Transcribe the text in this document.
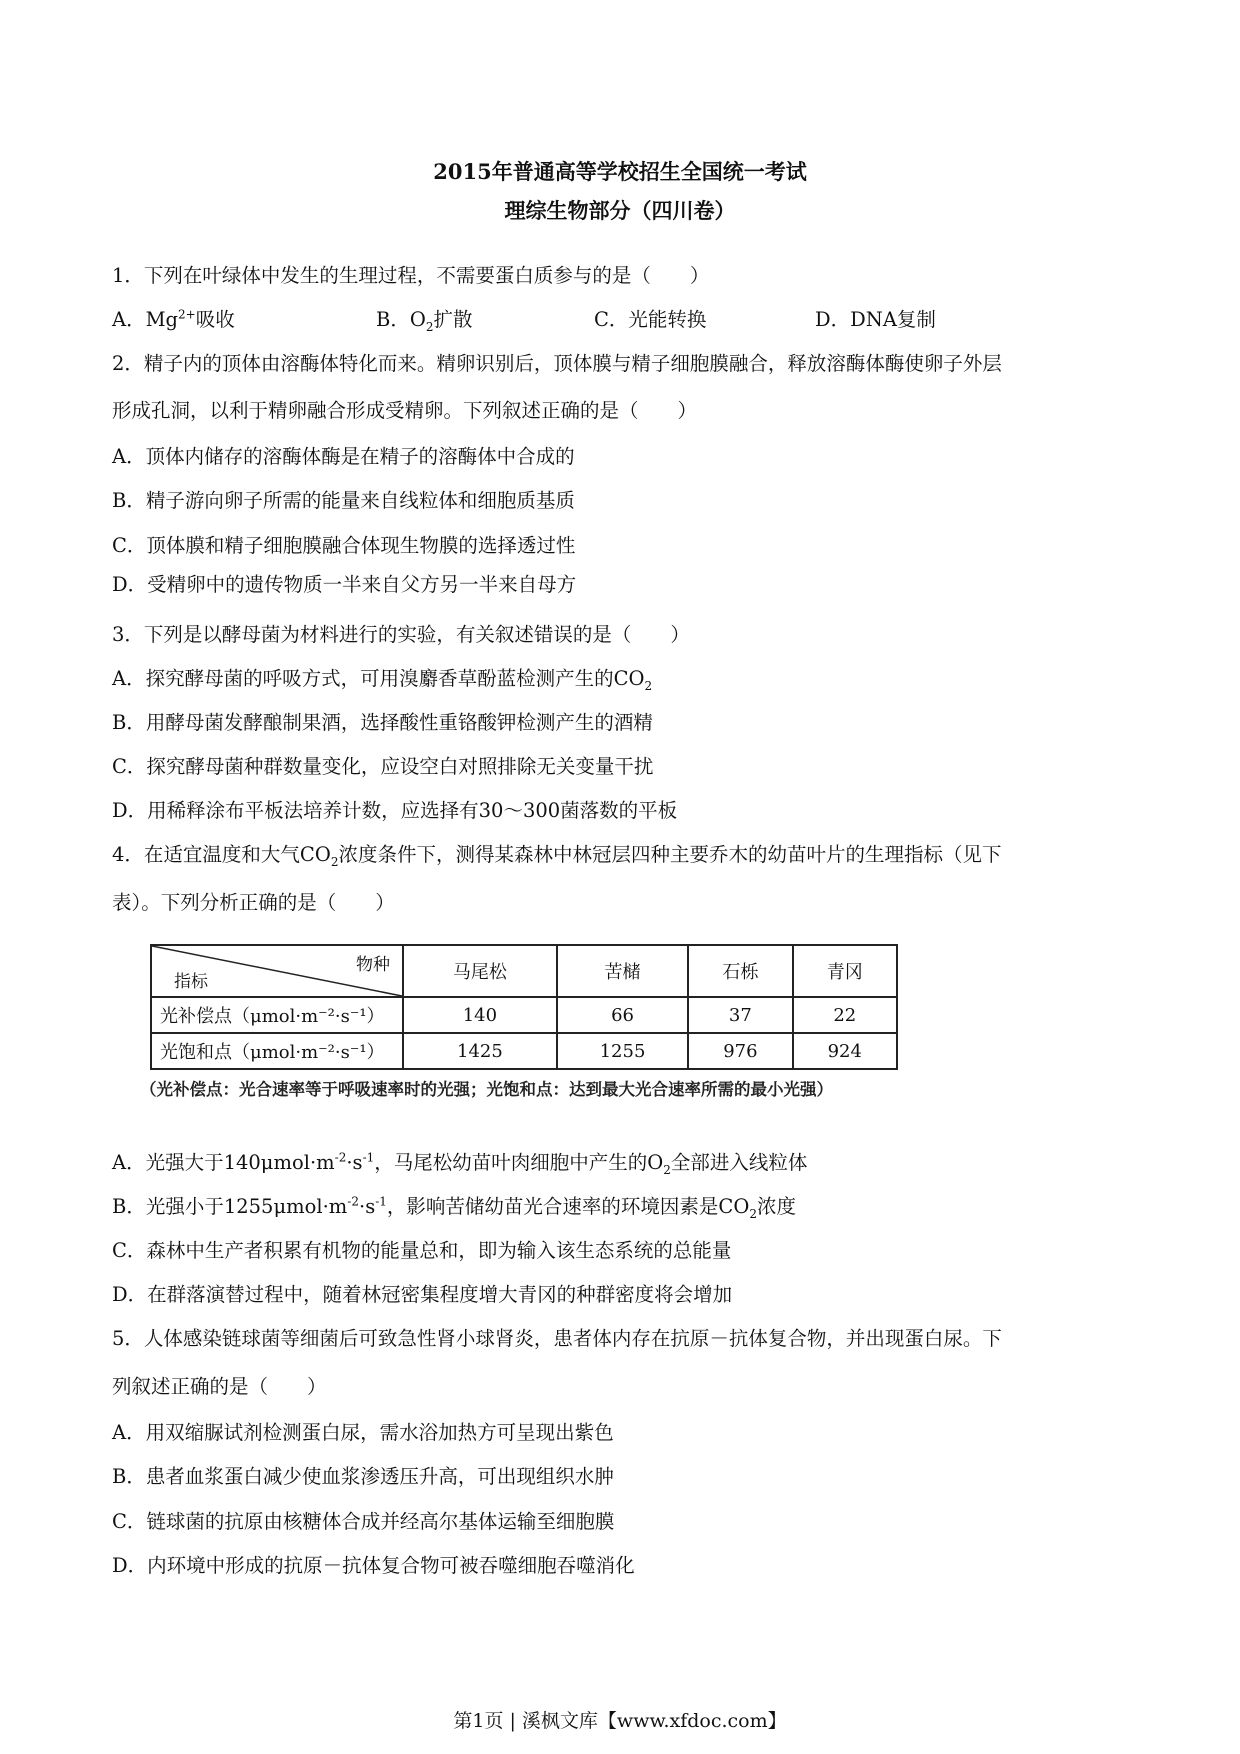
2015年普通高等学校招生全国统一考试
理综生物部分（四川卷）
1．下列在叶绿体中发生的生理过程，不需要蛋白质参与的是（　　）
A．$Mg^{2+}$吸收	B．$O_2$扩散	C．光能转换	D．DNA复制
2．精子内的顶体由溶酶体特化而来。精卵识别后，顶体膜与精子细胞膜融合，释放溶酶体酶使卵子外层
形成孔洞，以利于精卵融合形成受精卵。下列叙述正确的是（　　）
A．顶体内储存的溶酶体酶是在精子的溶酶体中合成的
B．精子游向卵子所需的能量来自线粒体和细胞质基质
C．顶体膜和精子细胞膜融合体现生物膜的选择透过性
D．受精卵中的遗传物质一半来自父方另一半来自母方
3．下列是以酵母菌为材料进行的实验，有关叙述错误的是（　　）
A．探究酵母菌的呼吸方式，可用溴麝香草酚蓝检测产生的$CO_2$
B．用酵母菌发酵酿制果酒，选择酸性重铬酸钾检测产生的酒精
C．探究酵母菌种群数量变化，应设空白对照排除无关变量干扰
D．用稀释涂布平板法培养计数，应选择有30～300菌落数的平板
4．在适宜温度和大气$CO_2$浓度条件下，测得某森林中林冠层四种主要乔木的幼苗叶片的生理指标（见下
表）。下列分析正确的是（　　）
物种
指标	马尾松	苦槠	石栎	青冈
光补偿点（μmol·m⁻²·s⁻¹）	140	66	37	22
光饱和点（μmol·m⁻²·s⁻¹）	1425	1255	976	924
（光补偿点：光合速率等于呼吸速率时的光强；光饱和点：达到最大光合速率所需的最小光强）
A．光强大于$140\mu mol\cdot m^{-2}\cdot s^{-1}$，马尾松幼苗叶肉细胞中产生的$O_2$全部进入线粒体
B．光强小于$1255\mu mol\cdot m^{-2}\cdot s^{-1}$，影响苦储幼苗光合速率的环境因素是$CO_2$浓度
C．森林中生产者积累有机物的能量总和，即为输入该生态系统的总能量
D．在群落演替过程中，随着林冠密集程度增大青冈的种群密度将会增加
5．人体感染链球菌等细菌后可致急性肾小球肾炎，患者体内存在抗原－抗体复合物，并出现蛋白尿。下
列叙述正确的是（　　）
A．用双缩脲试剂检测蛋白尿，需水浴加热方可呈现出紫色
B．患者血浆蛋白减少使血浆渗透压升高，可出现组织水肿
C．链球菌的抗原由核糖体合成并经高尔基体运输至细胞膜
D．内环境中形成的抗原－抗体复合物可被吞噬细胞吞噬消化
第1页 | 溪枫文库【www.xfdoc.com】
